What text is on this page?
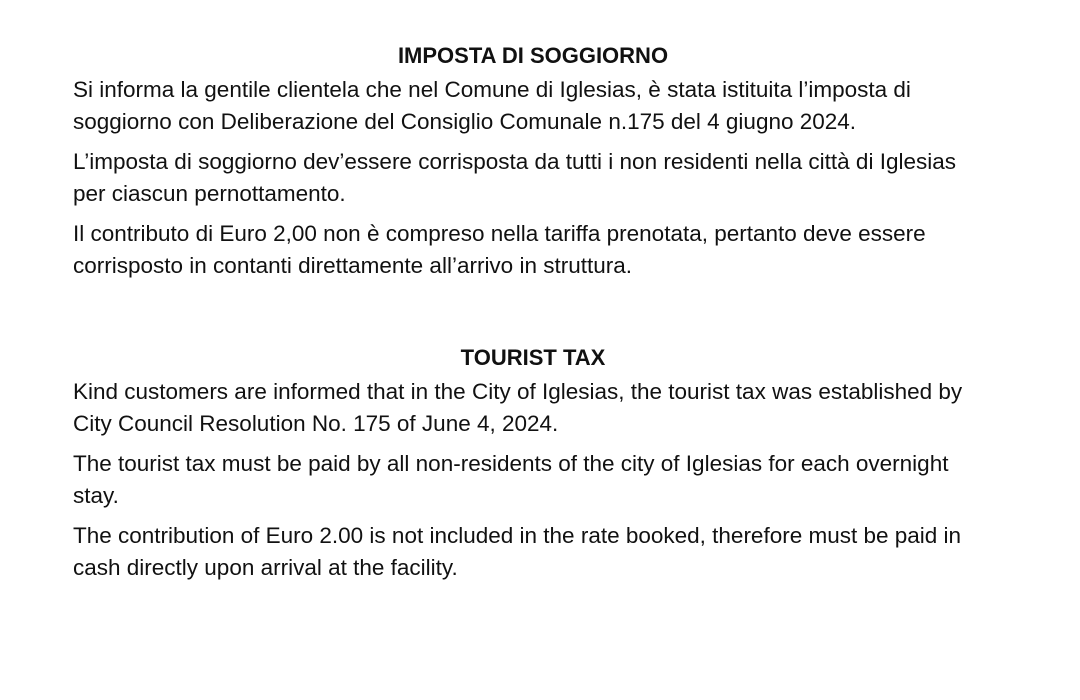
IMPOSTA DI SOGGIORNO

Si informa la gentile clientela che nel Comune di Iglesias, è stata istituita l’imposta di soggiorno con Deliberazione del Consiglio Comunale n.175 del 4 giugno 2024.

L’imposta di soggiorno dev’essere corrisposta da tutti i non residenti nella città di Iglesias per ciascun pernottamento.

Il contributo di Euro 2,00 non è compreso nella tariffa prenotata, pertanto deve essere corrisposto in contanti direttamente all’arrivo in struttura.

TOURIST TAX

Kind customers are informed that in the City of Iglesias, the tourist tax was established by City Council Resolution No. 175 of June 4, 2024.

The tourist tax must be paid by all non-residents of the city of Iglesias for each overnight stay.

The contribution of Euro 2.00 is not included in the rate booked, therefore must be paid in cash directly upon arrival at the facility.
